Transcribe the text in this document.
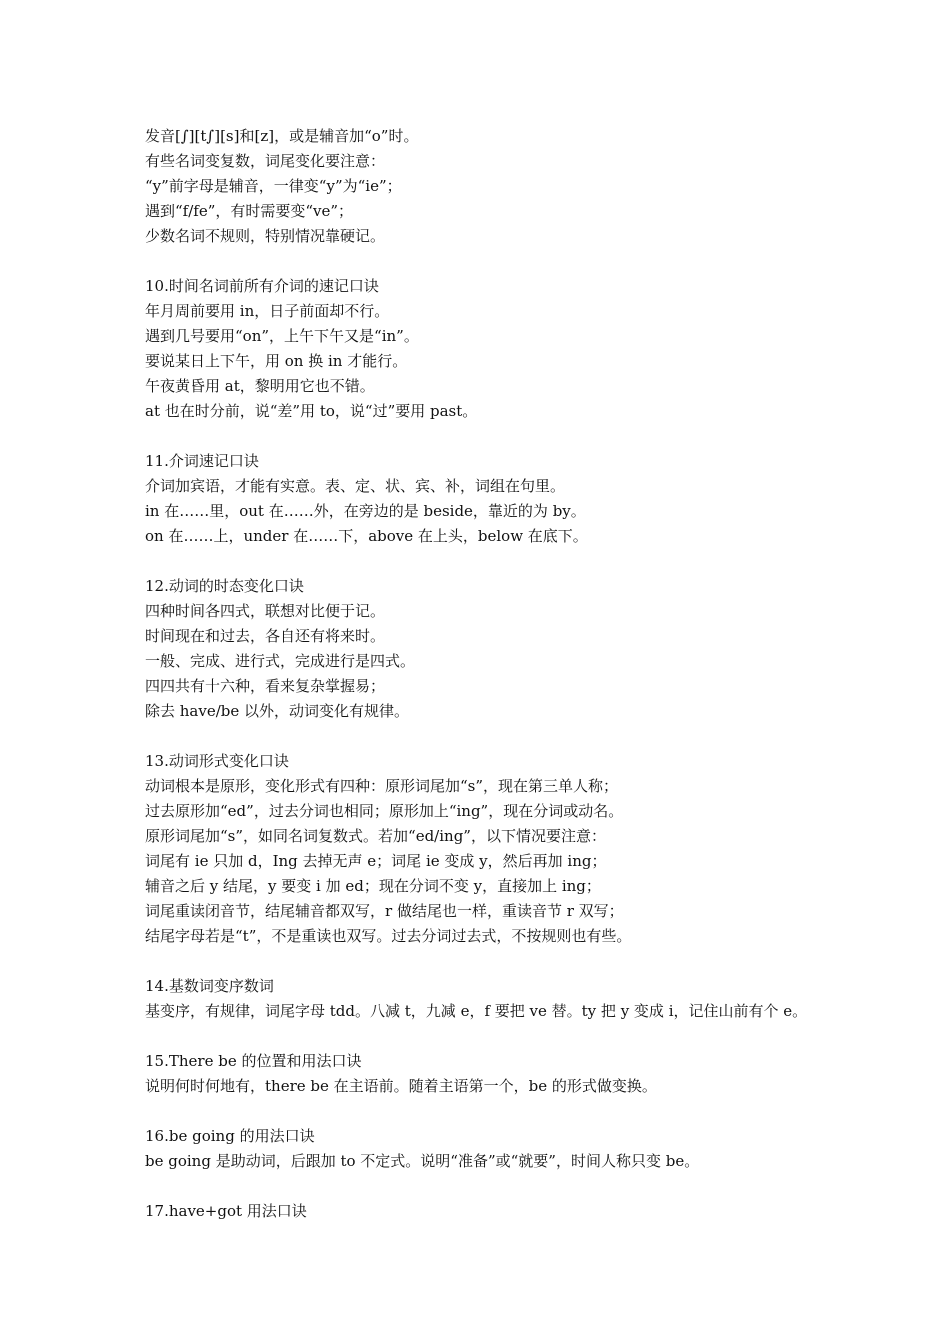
发音[∫][t∫][s]和[z]，或是辅音加“o”时。
有些名词变复数，词尾变化要注意：
“y”前字母是辅音，一律变“y”为“ie”；
遇到“f/fe”，有时需要变“ve”；
少数名词不规则，特别情况靠硬记。
10.时间名词前所有介词的速记口诀
年月周前要用 in，日子前面却不行。
遇到几号要用“on”，上午下午又是“in”。
要说某日上下午，用 on 换 in 才能行。
午夜黄昏用 at，黎明用它也不错。
at 也在时分前，说“差”用 to，说“过”要用 past。
11.介词速记口诀
介词加宾语，才能有实意。表、定、状、宾、补，词组在句里。
in 在……里，out 在……外，在旁边的是 beside，靠近的为 by。
on 在……上，under 在……下，above 在上头，below 在底下。
12.动词的时态变化口诀
四种时间各四式，联想对比便于记。
时间现在和过去，各自还有将来时。
一般、完成、进行式，完成进行是四式。
四四共有十六种，看来复杂掌握易；
除去 have/be 以外，动词变化有规律。
13.动词形式变化口诀
动词根本是原形，变化形式有四种：原形词尾加“s”，现在第三单人称；
过去原形加“ed”，过去分词也相同；原形加上“ing”，现在分词或动名。
原形词尾加“s”，如同名词复数式。若加“ed/ing”，以下情况要注意：
词尾有 ie 只加 d，Ing 去掉无声 e；词尾 ie 变成 y，然后再加 ing；
辅音之后 y 结尾，y 要变 i 加 ed；现在分词不变 y，直接加上 ing；
词尾重读闭音节，结尾辅音都双写，r 做结尾也一样，重读音节 r 双写；
结尾字母若是“t”，不是重读也双写。过去分词过去式，不按规则也有些。
14.基数词变序数词
基变序，有规律，词尾字母 tdd。八减 t，九减 e，f 要把 ve 替。ty 把 y 变成 i，记住山前有个 e。
15.There be 的位置和用法口诀
说明何时何地有，there be 在主语前。随着主语第一个，be 的形式做变换。
16.be going 的用法口诀
be going 是助动词，后跟加 to 不定式。说明“准备”或“就要”，时间人称只变 be。
17.have+got 用法口诀
